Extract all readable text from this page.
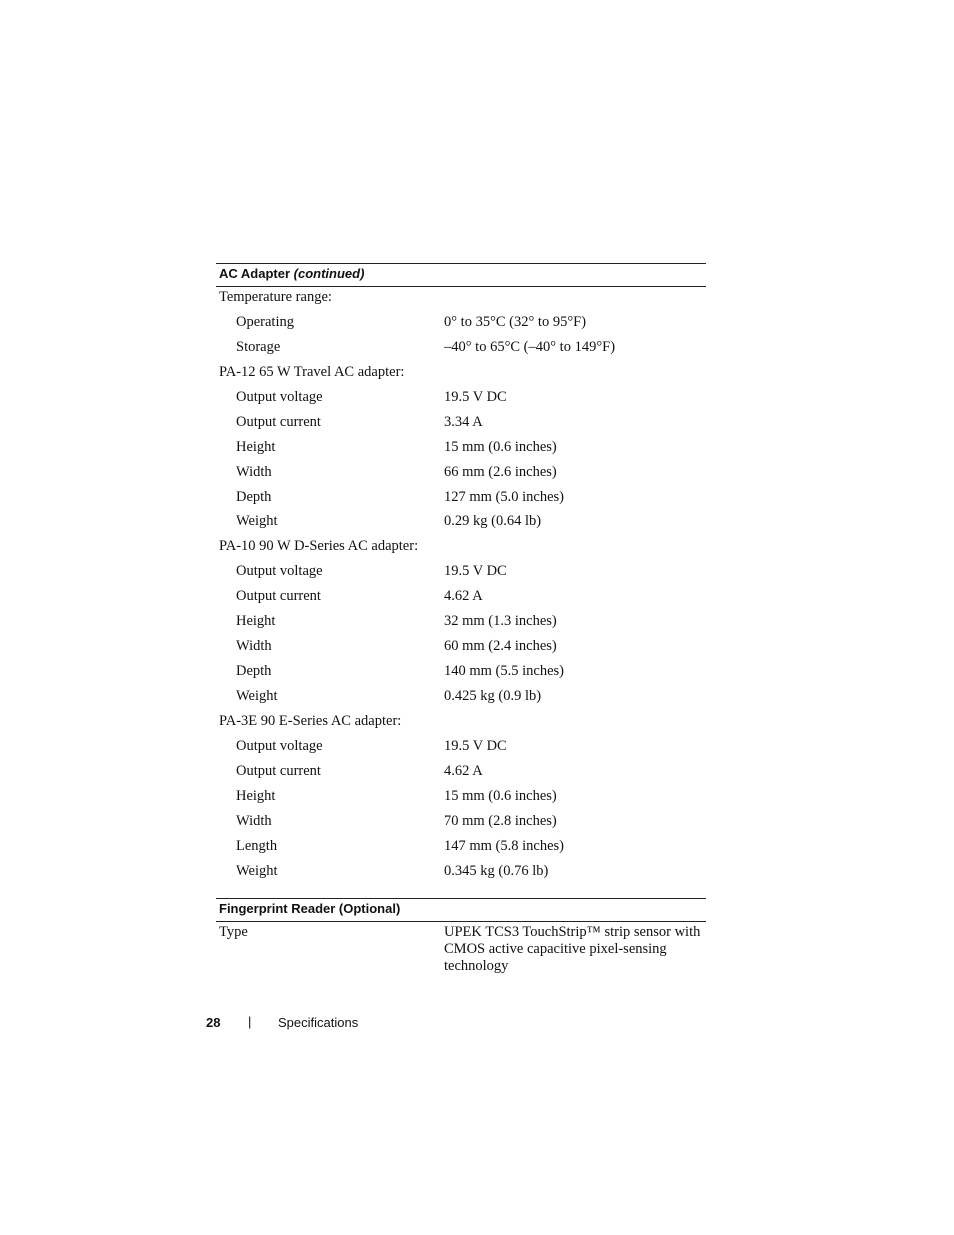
AC Adapter (continued)
Temperature range:
Operating	0° to 35°C (32° to 95°F)
Storage	–40° to 65°C (–40° to 149°F)
PA-12 65 W Travel AC adapter:
Output voltage	19.5 V DC
Output current	3.34 A
Height	15 mm (0.6 inches)
Width	66 mm (2.6 inches)
Depth	127 mm (5.0 inches)
Weight	0.29 kg (0.64 lb)
PA-10 90 W D-Series AC adapter:
Output voltage	19.5 V DC
Output current	4.62 A
Height	32 mm (1.3 inches)
Width	60 mm (2.4 inches)
Depth	140 mm (5.5 inches)
Weight	0.425 kg (0.9 lb)
PA-3E 90 E-Series AC adapter:
Output voltage	19.5 V DC
Output current	4.62 A
Height	15 mm (0.6 inches)
Width	70 mm (2.8 inches)
Length	147 mm (5.8 inches)
Weight	0.345 kg (0.76 lb)
Fingerprint Reader (Optional)
Type	UPEK TCS3 TouchStrip™ strip sensor with CMOS active capacitive pixel-sensing technology
28 | Specifications
